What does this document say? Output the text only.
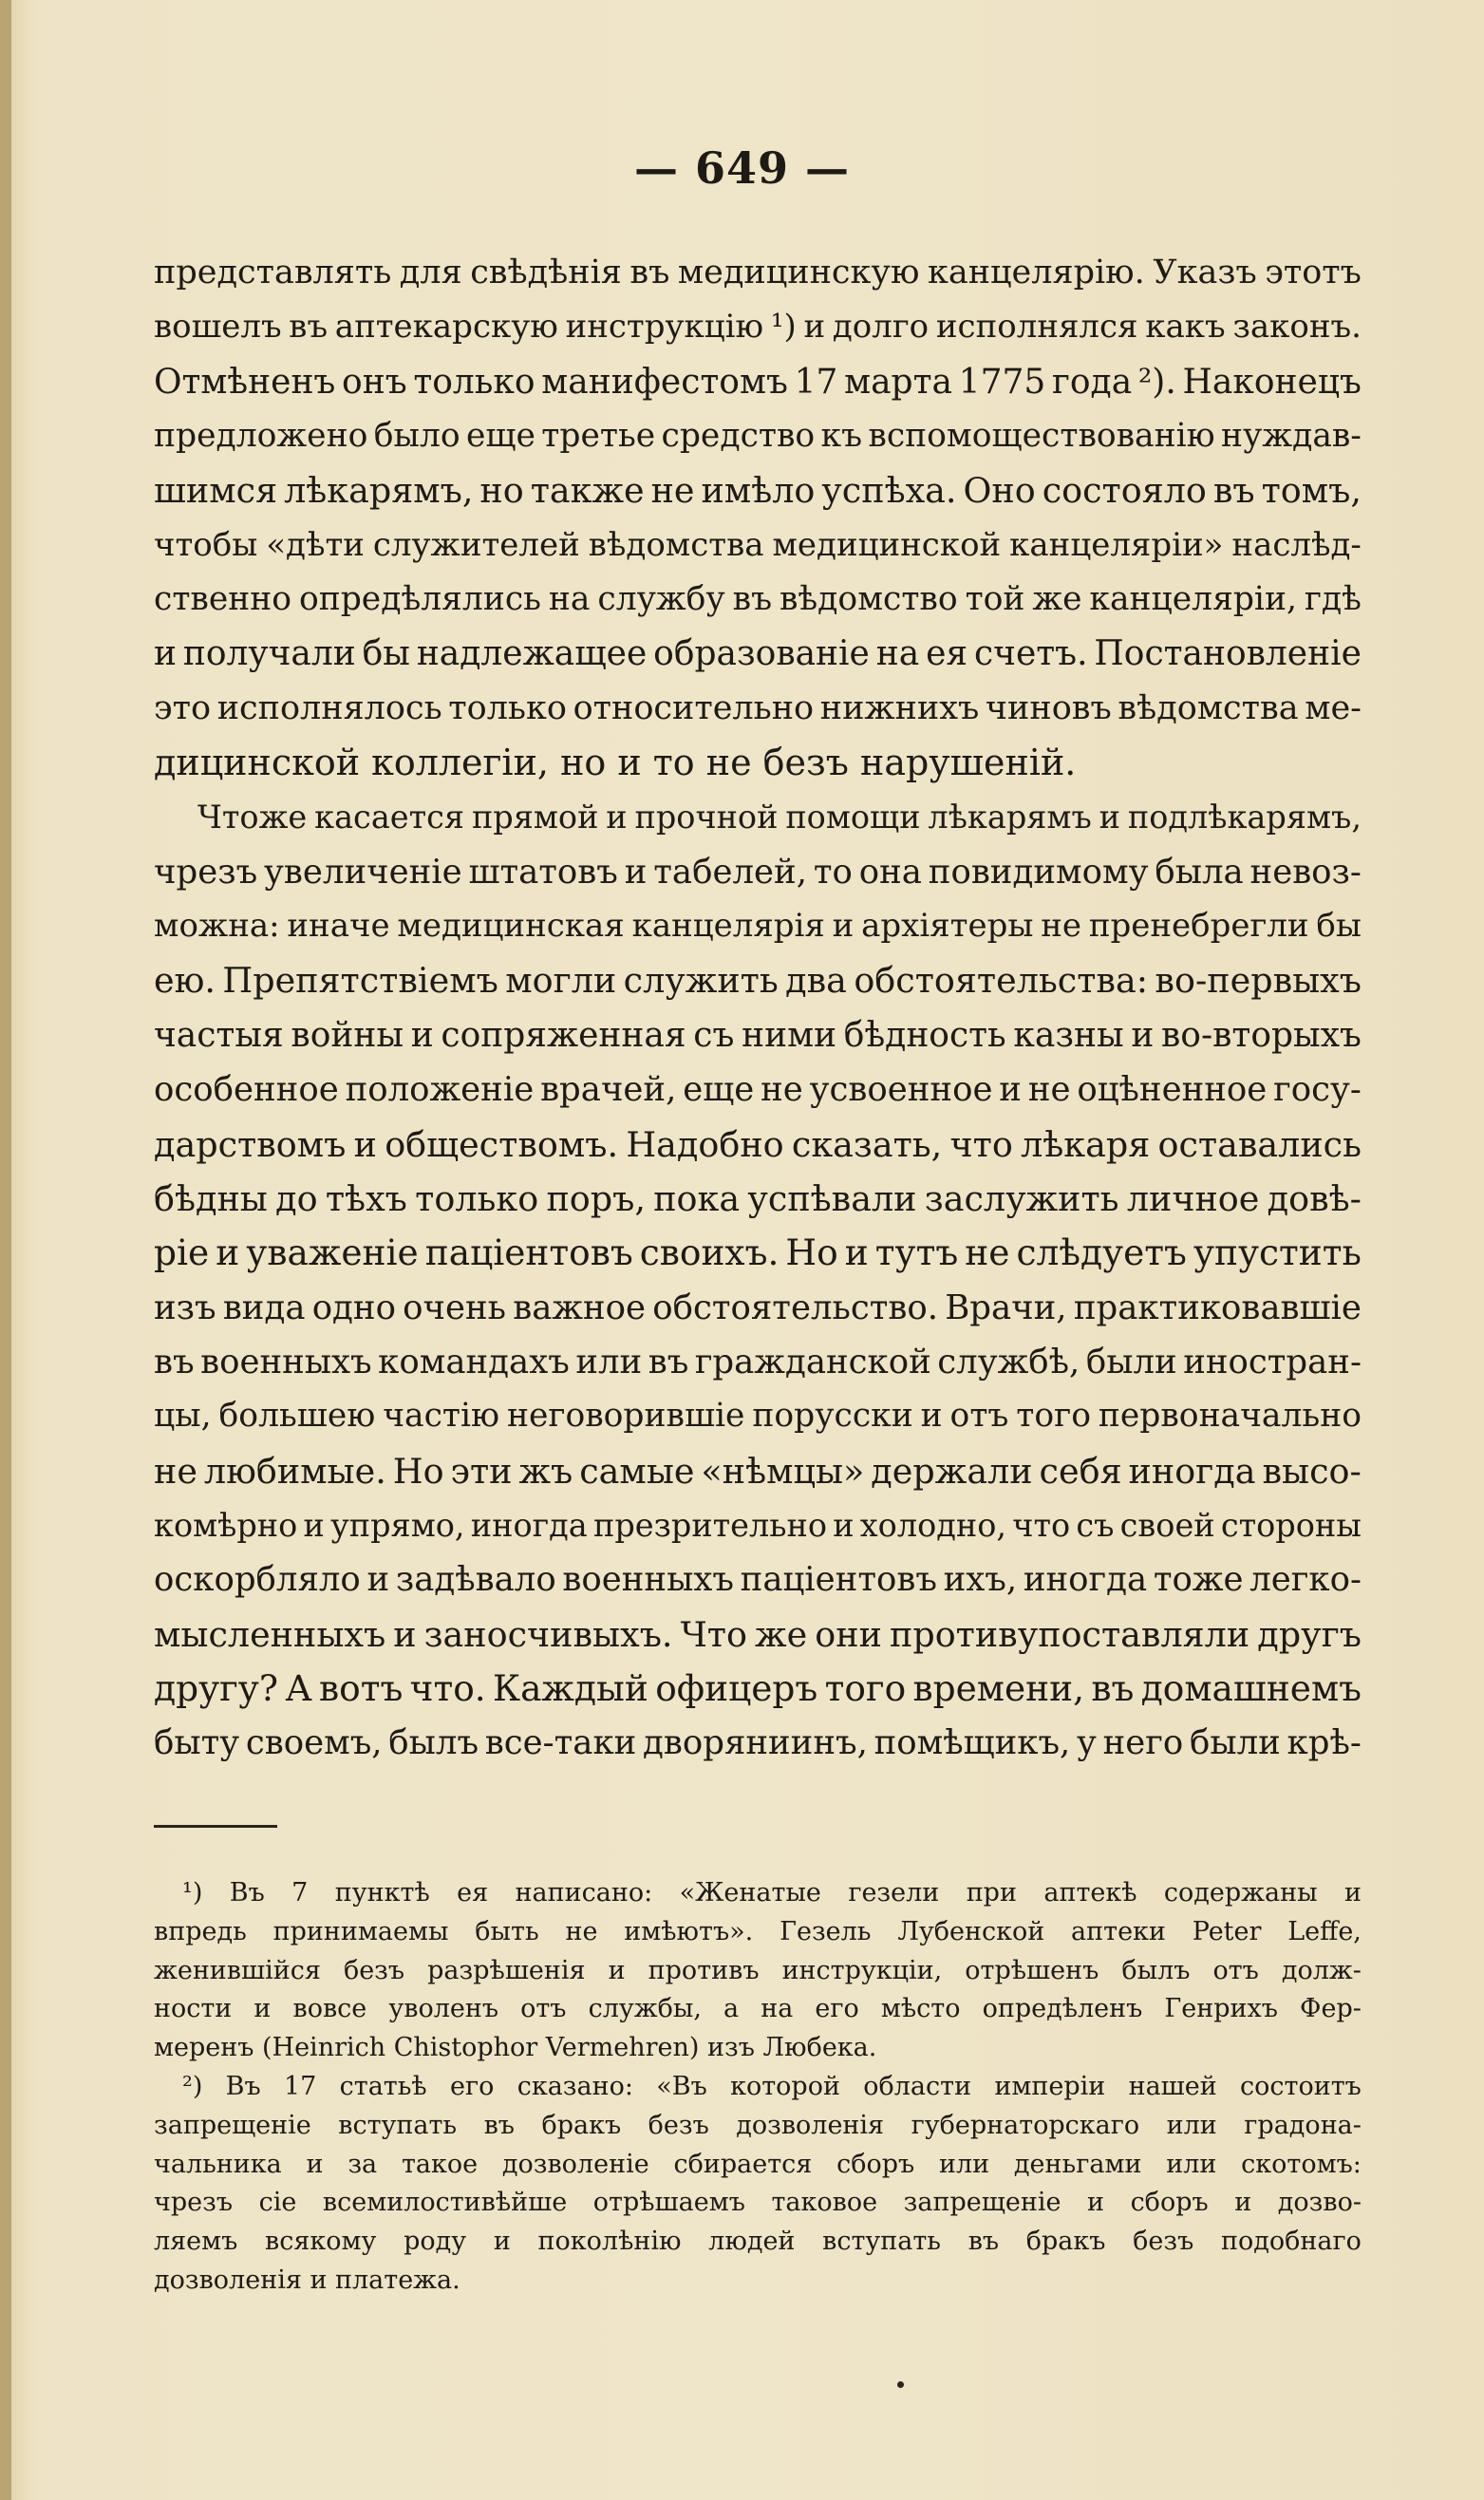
— 649 —
представлять для свѣдѣнія въ медицинскую канцелярію. Указъ этотъ
вошелъ въ аптекарскую инструкцію ¹) и долго исполнялся какъ законъ.
Отмѣненъ онъ только манифестомъ 17 марта 1775 года ²). Наконецъ
предложено было еще третье средство къ вспомоществованію нуждав-
шимся лѣкарямъ, но также не имѣло успѣха. Оно состояло въ томъ,
чтобы «дѣти служителей вѣдомства медицинской канцеляріи» наслѣд-
ственно опредѣлялись на службу въ вѣдомство той же канцеляріи, гдѣ
и получали бы надлежащее образованіе на ея счетъ. Постановленіе
это исполнялось только относительно нижнихъ чиновъ вѣдомства ме-
дицинской коллегіи, но и то не безъ нарушеній.
Чтоже касается прямой и прочной помощи лѣкарямъ и подлѣкарямъ,
чрезъ увеличеніе штатовъ и табелей, то она повидимому была невоз-
можна: иначе медицинская канцелярія и архіятеры не пренебрегли бы
ею. Препятствіемъ могли служить два обстоятельства: во-первыхъ
частыя войны и сопряженная съ ними бѣдность казны и во-вторыхъ
особенное положеніе врачей, еще не усвоенное и не оцѣненное госу-
дарствомъ и обществомъ. Надобно сказать, что лѣкаря оставались
бѣдны до тѣхъ только поръ, пока успѣвали заслужить личное довѣ-
ріе и уваженіе паціентовъ своихъ. Но и тутъ не слѣдуетъ упустить
изъ вида одно очень важное обстоятельство. Врачи, практиковавшіе
въ военныхъ командахъ или въ гражданской службѣ, были иностран-
цы, большею частію неговорившіе порусски и отъ того первоначально
не любимые. Но эти жъ самые «нѣмцы» держали себя иногда высо-
комѣрно и упрямо, иногда презрительно и холодно, что съ своей стороны
оскорбляло и задѣвало военныхъ паціентовъ ихъ, иногда тоже легко-
мысленныхъ и заносчивыхъ. Что же они противупоставляли другъ
другу? А вотъ что. Каждый офицеръ того времени, въ домашнемъ
быту своемъ, былъ все-таки дворяниинъ, помѣщикъ, у него были крѣ-
¹) Въ 7 пунктѣ ея написано: «Женатые гезели при аптекѣ содержаны и
впредь принимаемы быть не имѣютъ». Гезель Лубенской аптеки Peter Leffe,
женившійся безъ разрѣшенія и противъ инструкціи, отрѣшенъ былъ отъ долж-
ности и вовсе уволенъ отъ службы, а на его мѣсто опредѣленъ Генрихъ Фер-
меренъ (Heinrich Chistophor Vermehren) изъ Любека.
²) Въ 17 статьѣ его сказано: «Въ которой области имперіи нашей состоитъ
запрещеніе вступать въ бракъ безъ дозволенія губернаторскаго или градона-
чальника и за такое дозволеніе сбирается сборъ или деньгами или скотомъ:
чрезъ сіе всемилостивѣйше отрѣшаемъ таковое запрещеніе и сборъ и дозво-
ляемъ всякому роду и поколѣнію людей вступать въ бракъ безъ подобнаго
дозволенія и платежа.
